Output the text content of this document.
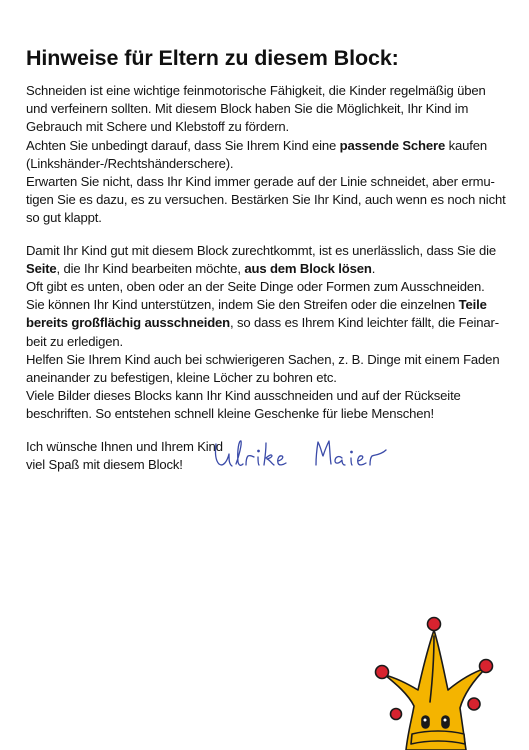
Hinweise für Eltern zu diesem Block:

Schneiden ist eine wichtige feinmotorische Fähigkeit, die Kinder regelmäßig üben

und verfeinern sollten. Mit diesem Block haben Sie die Möglichkeit, Ihr Kind im

Gebrauch mit Schere und Klebstoff zu fördern.

Achten Sie unbedingt darauf, dass Sie Ihrem Kind eine passende Schere kaufen

(Linkshänder-/Rechtshänderschere).

Erwarten Sie nicht, dass Ihr Kind immer gerade auf der Linie schneidet, aber ermu-

tigen Sie es dazu, es zu versuchen. Bestärken Sie Ihr Kind, auch wenn es noch nicht

so gut klappt.

Damit Ihr Kind gut mit diesem Block zurechtkommt, ist es unerlässlich, dass Sie die

Seite, die Ihr Kind bearbeiten möchte, aus dem Block lösen.

Oft gibt es unten, oben oder an der Seite Dinge oder Formen zum Ausschneiden.

Sie können Ihr Kind unterstützen, indem Sie den Streifen oder die einzelnen Teile

bereits großflächig ausschneiden, so dass es Ihrem Kind leichter fällt, die Feinar-

beit zu erledigen.

Helfen Sie Ihrem Kind auch bei schwierigeren Sachen, z. B. Dinge mit einem Faden

aneinander zu befestigen, kleine Löcher zu bohren etc.

Viele Bilder dieses Blocks kann Ihr Kind ausschneiden und auf der Rückseite

beschriften. So entstehen schnell kleine Geschenke für liebe Menschen!

Ich wünsche Ihnen und Ihrem Kind

viel Spaß mit diesem Block!
